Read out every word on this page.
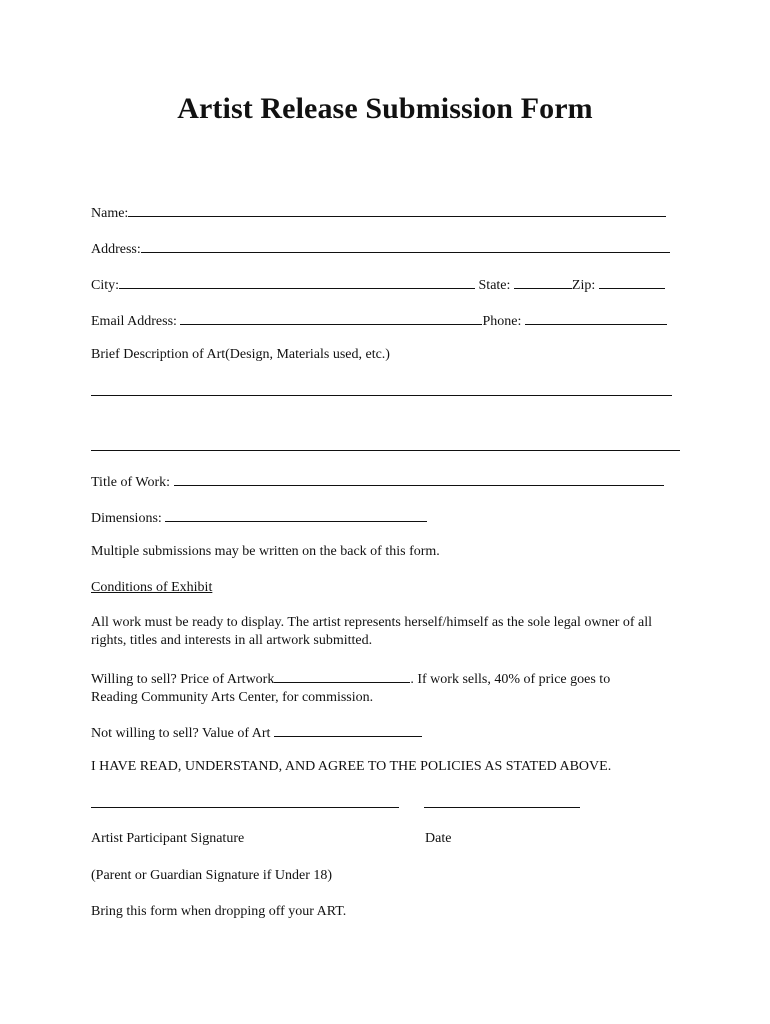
Artist Release Submission Form
Name:
Address:
City:	State:	Zip:
Email Address:	Phone:
Brief Description of Art(Design, Materials used, etc.)
Title of Work:
Dimensions:
Multiple submissions may be written on the back of this form.
Conditions of Exhibit
All work must be ready to display. The artist represents herself/himself as the sole legal owner of all rights, titles and interests in all artwork submitted.
Willing to sell? Price of Artwork	. If work sells, 40% of price goes to
Reading Community Arts Center, for commission.
Not willing to sell? Value of Art
I HAVE READ, UNDERSTAND, AND AGREE TO THE POLICIES AS STATED ABOVE.
Artist Participant Signature	Date
(Parent or Guardian Signature if Under 18)
Bring this form when dropping off your ART.
